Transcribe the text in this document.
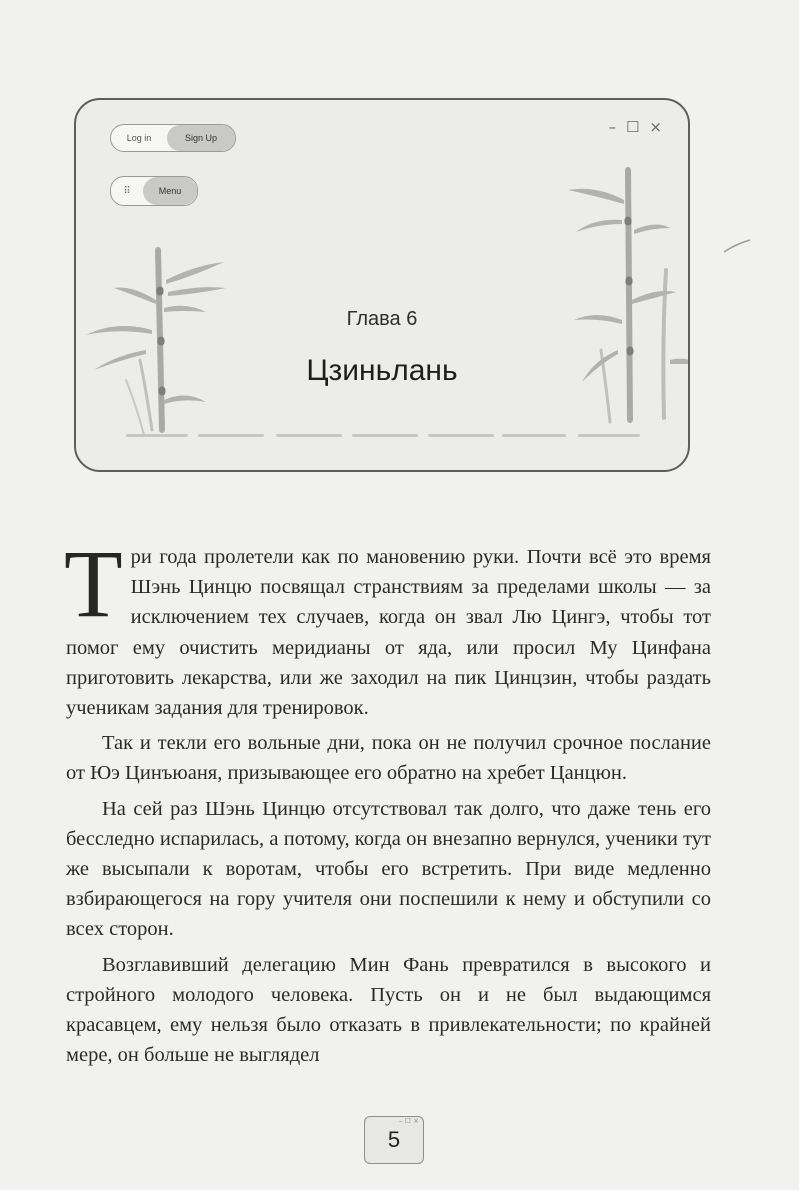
Log in	Sign Up
⠿	Menu
– ☐ ×
Глава 6
Цзиньлань

Три года пролетели как по мановению руки. Почти всё это время Шэнь Цинцю посвящал странствиям за пределами школы — за исключением тех случаев, когда он звал Лю Цингэ, чтобы тот помог ему очистить меридианы от яда, или просил Му Цинфана приготовить лекарства, или же заходил на пик Цинцзин, чтобы раздать ученикам задания для тренировок.

Так и текли его вольные дни, пока он не получил срочное послание от Юэ Цинъюаня, призывающее его обратно на хребет Цанцюн.

На сей раз Шэнь Цинцю отсутствовал так долго, что даже тень его бесследно испарилась, а потому, когда он внезапно вернулся, ученики тут же высыпали к воротам, чтобы его встретить. При виде медленно взбирающегося на гору учителя они поспешили к нему и обступили со всех сторон.

Возглавивший делегацию Мин Фань превратился в высокого и стройного молодого человека. Пусть он и не был выдающимся красавцем, ему нельзя было отказать в привлекательности; по крайней мере, он больше не выглядел

– ☐ ×
5
